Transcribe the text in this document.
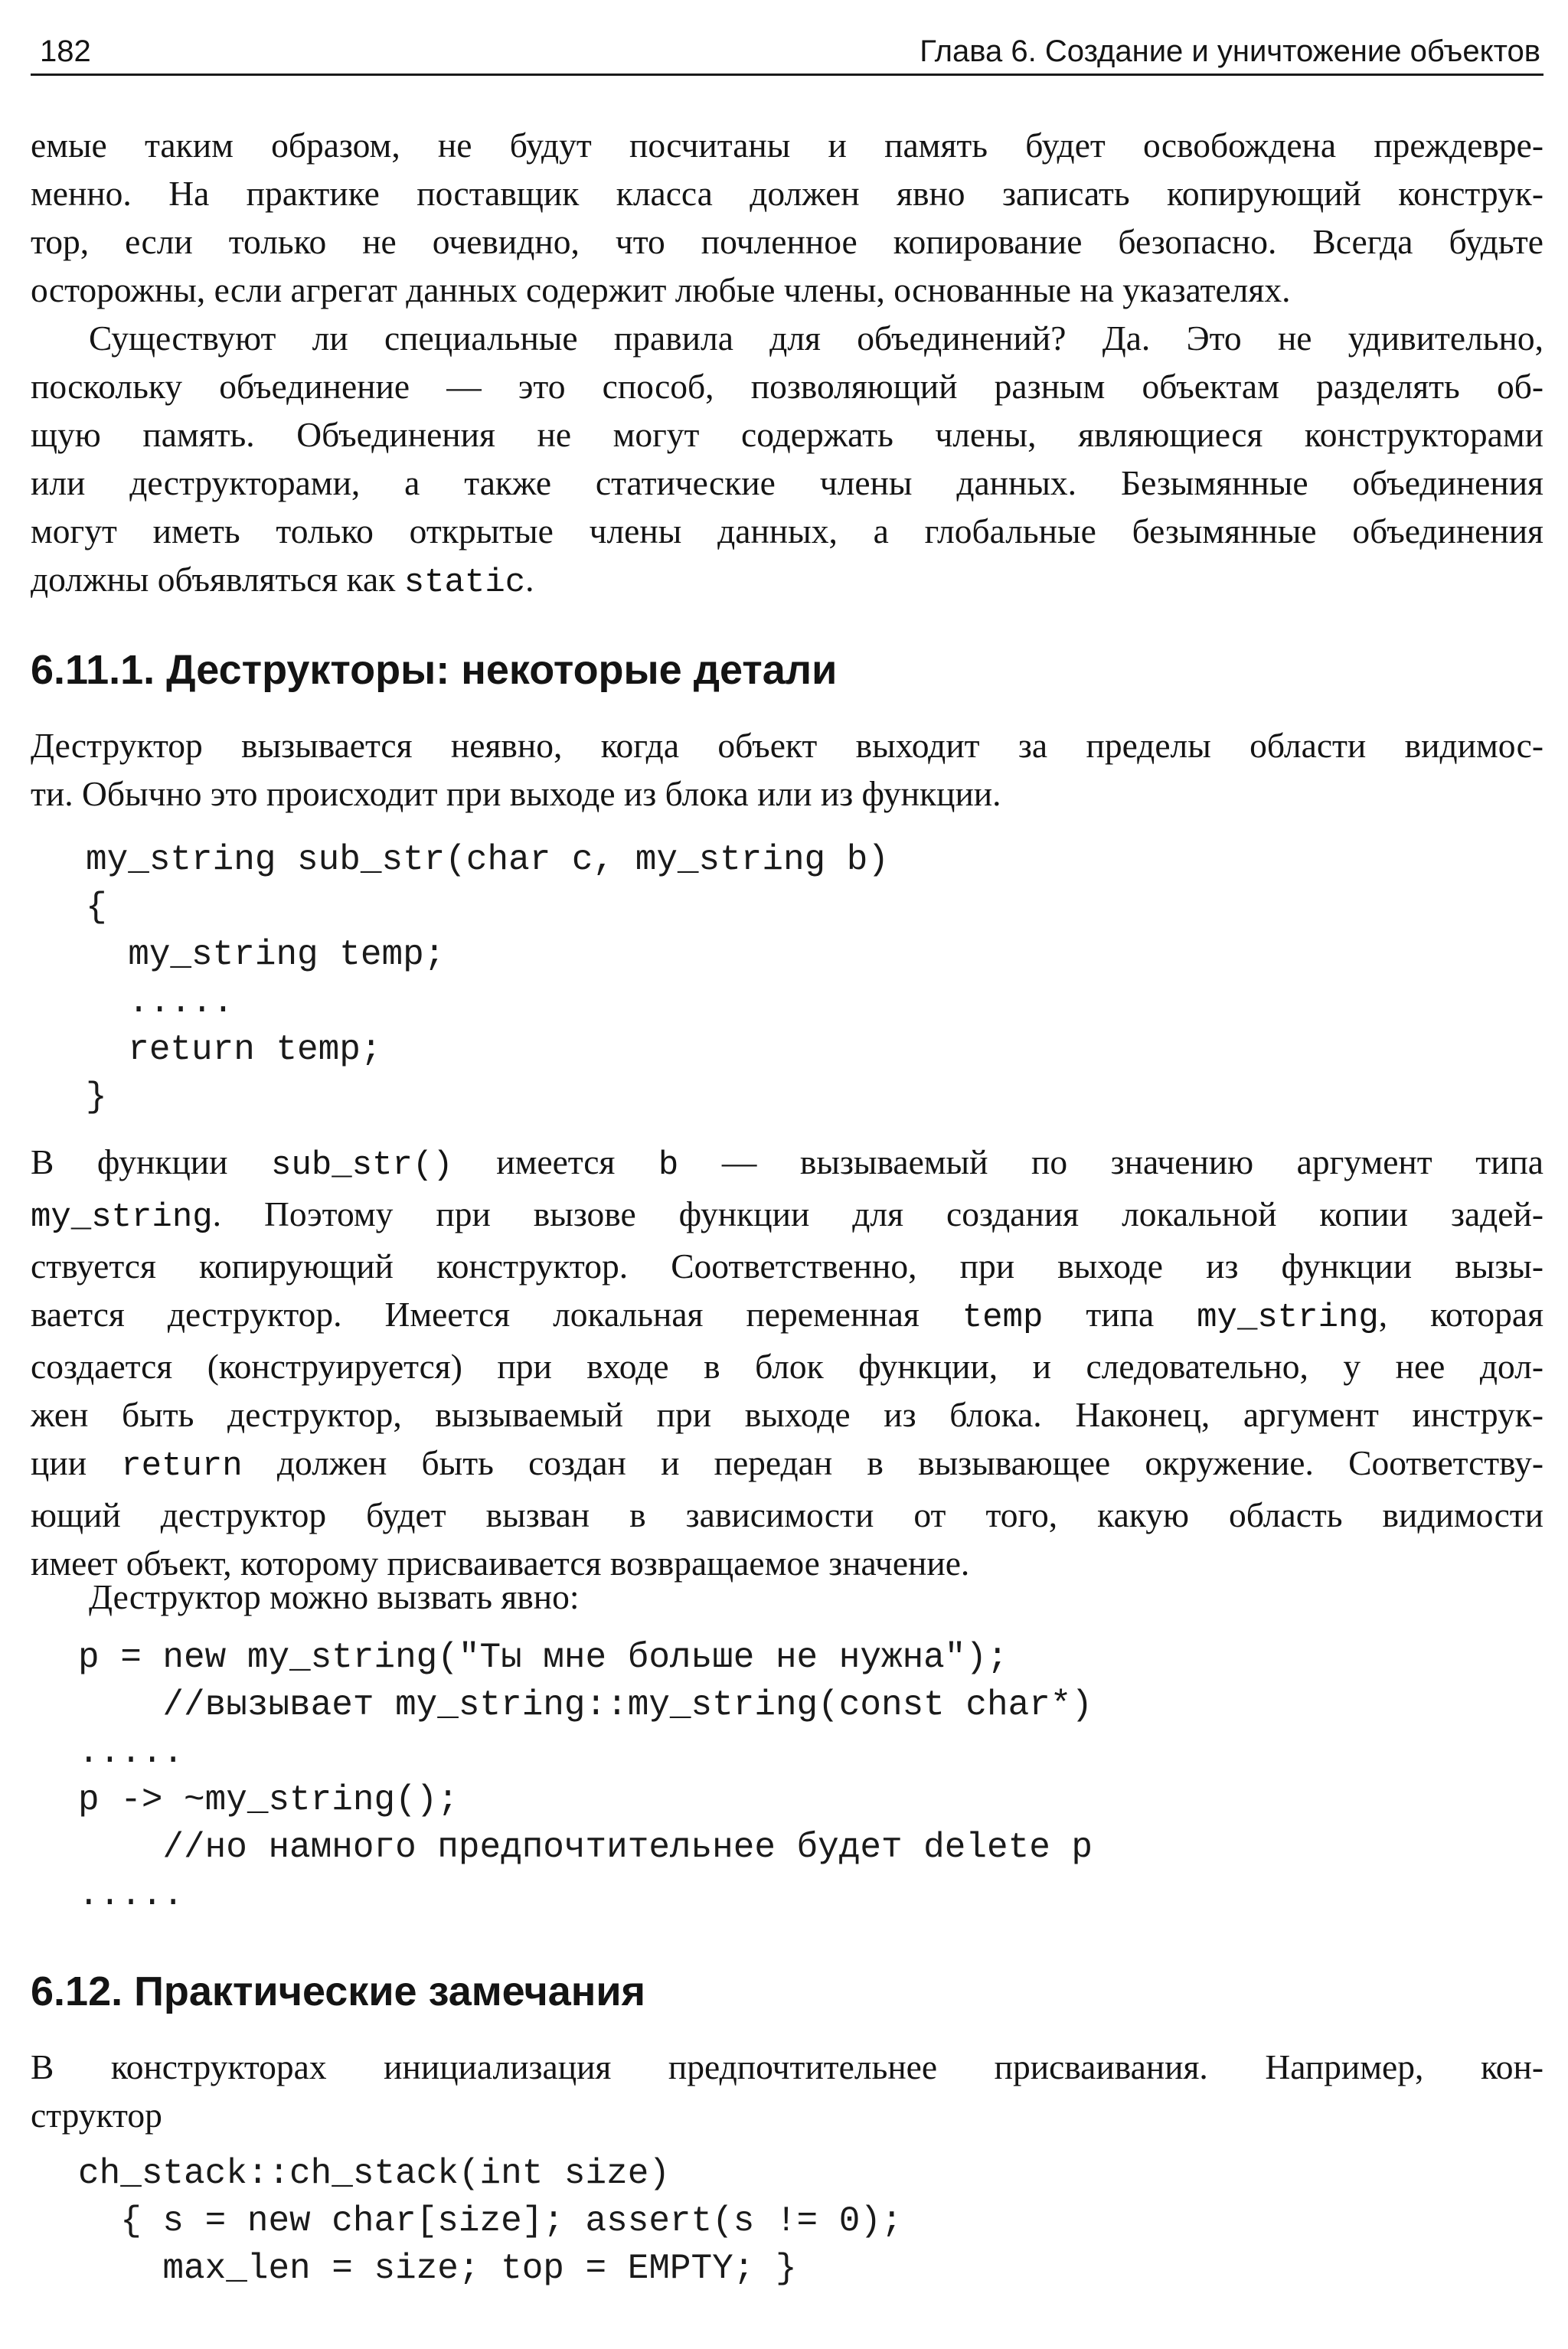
182	Глава 6. Создание и уничтожение объектов
емые таким образом, не будут посчитаны и память будет освобождена преждевре-
менно. На практике поставщик класса должен явно записать копирующий конструк-
тор, если только не очевидно, что почленное копирование безопасно. Всегда будьте
осторожны, если агрегат данных содержит любые члены, основанные на указателях.
Существуют ли специальные правила для объединений? Да. Это не удивительно,
поскольку объединение — это способ, позволяющий разным объектам разделять об-
щую память. Объединения не могут содержать члены, являющиеся конструкторами
или деструкторами, а также статические члены данных. Безымянные объединения
могут иметь только открытые члены данных, а глобальные безымянные объединения
должны объявляться как static.
6.11.1. Деструкторы: некоторые детали
Деструктор вызывается неявно, когда объект выходит за пределы области видимос-
ти. Обычно это происходит при выходе из блока или из функции.
my_string sub_str(char c, my_string b)
{
my_string temp;
.....
return temp;
}
В функции sub_str() имеется b — вызываемый по значению аргумент типа
my_string. Поэтому при вызове функции для создания локальной копии задей-
ствуется копирующий конструктор. Соответственно, при выходе из функции вызы-
вается деструктор. Имеется локальная переменная temp типа my_string, которая
создается (конструируется) при входе в блок функции, и следовательно, у нее дол-
жен быть деструктор, вызываемый при выходе из блока. Наконец, аргумент инструк-
ции return должен быть создан и передан в вызывающее окружение. Соответству-
ющий деструктор будет вызван в зависимости от того, какую область видимости
имеет объект, которому присваивается возвращаемое значение.
Деструктор можно вызвать явно:
p = new my_string("Ты мне больше не нужна");
//вызывает my_string::my_string(const char*)
.....
p -> ~my_string();
//но намного предпочтительнее будет delete p
.....
6.12. Практические замечания
В конструкторах инициализация предпочтительнее присваивания. Например, кон-
структор
ch_stack::ch_stack(int size)
{ s = new char[size]; assert(s != 0);
max_len = size; top = EMPTY; }
